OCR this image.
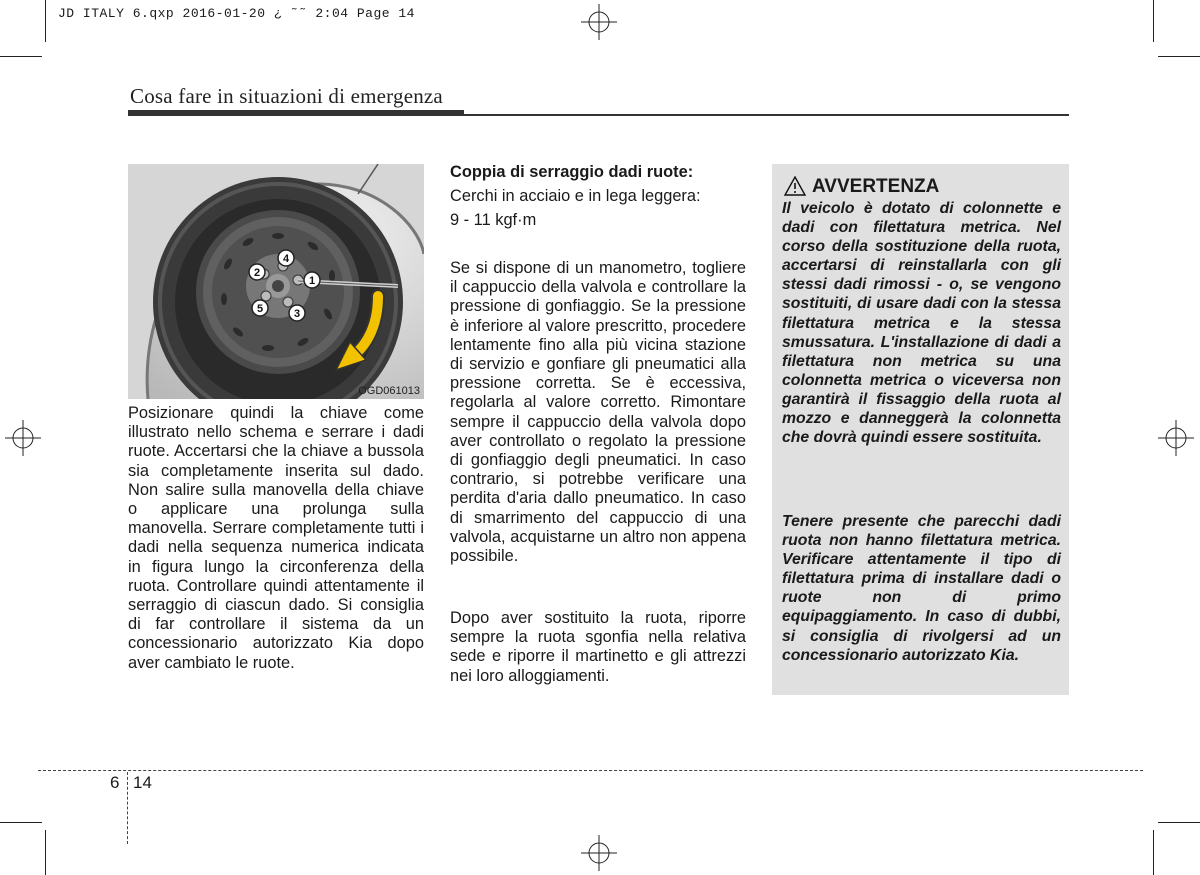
JD ITALY 6.qxp 2016-01-20 ¿ ˜˜ 2:04 Page 14
Cosa fare in situazioni di emergenza
1
2
3
4
5
OGD061013
Posizionare quindi la chiave come illustrato nello schema e serrare i dadi ruote. Accertarsi che la chiave a bussola sia completamente inserita sul dado. Non salire sulla manovella della chiave o applicare una prolunga sulla manovella. Serrare completamente tutti i dadi nella sequenza numerica indicata in figura lungo la circonferenza della ruota. Controllare quindi attentamente il serraggio di ciascun dado. Si consiglia di far controllare il sistema da un concessionario autorizzato Kia dopo aver cambiato le ruote.
Coppia di serraggio dadi ruote:
Cerchi in acciaio e in lega leggera:
9 - 11 kgf·m
Se si dispone di un manometro, togliere il cappuccio della valvola e controllare la pressione di gonfiaggio. Se la pressione è inferiore al valore prescritto, procedere lentamente fino alla più vicina stazione di servizio e gonfiare gli pneumatici alla pressione corretta. Se è eccessiva, regolarla al valore corretto. Rimontare sempre il cappuccio della valvola dopo aver controllato o regolato la pressione di gonfiaggio degli pneumatici. In caso contrario, si potrebbe verificare una perdita d'aria dallo pneumatico. In caso di smarrimento del cappuccio di una valvola, acquistarne un altro non appena possibile.
Dopo aver sostituito la ruota, riporre sempre la ruota sgonfia nella relativa sede e riporre il martinetto e gli attrezzi nei loro alloggiamenti.
AVVERTENZA
Il veicolo è dotato di colonnette e dadi con filettatura metrica. Nel corso della sostituzione della ruota, accertarsi di reinstallarla con gli stessi dadi rimossi - o, se vengono sostituiti, di usare dadi con la stessa filettatura metrica e la stessa smussatura. L'installazione di dadi a filettatura non metrica su una colonnetta metrica o viceversa non garantirà il fissaggio della ruota al mozzo e danneggerà la colonnetta che dovrà quindi essere sostituita.
Tenere presente che parecchi dadi ruota non hanno filettatura metrica. Verificare attentamente il tipo di filettatura prima di installare dadi o ruote non di primo equipaggiamento. In caso di dubbi, si consiglia di rivolgersi ad un concessionario autorizzato Kia.
6 14
